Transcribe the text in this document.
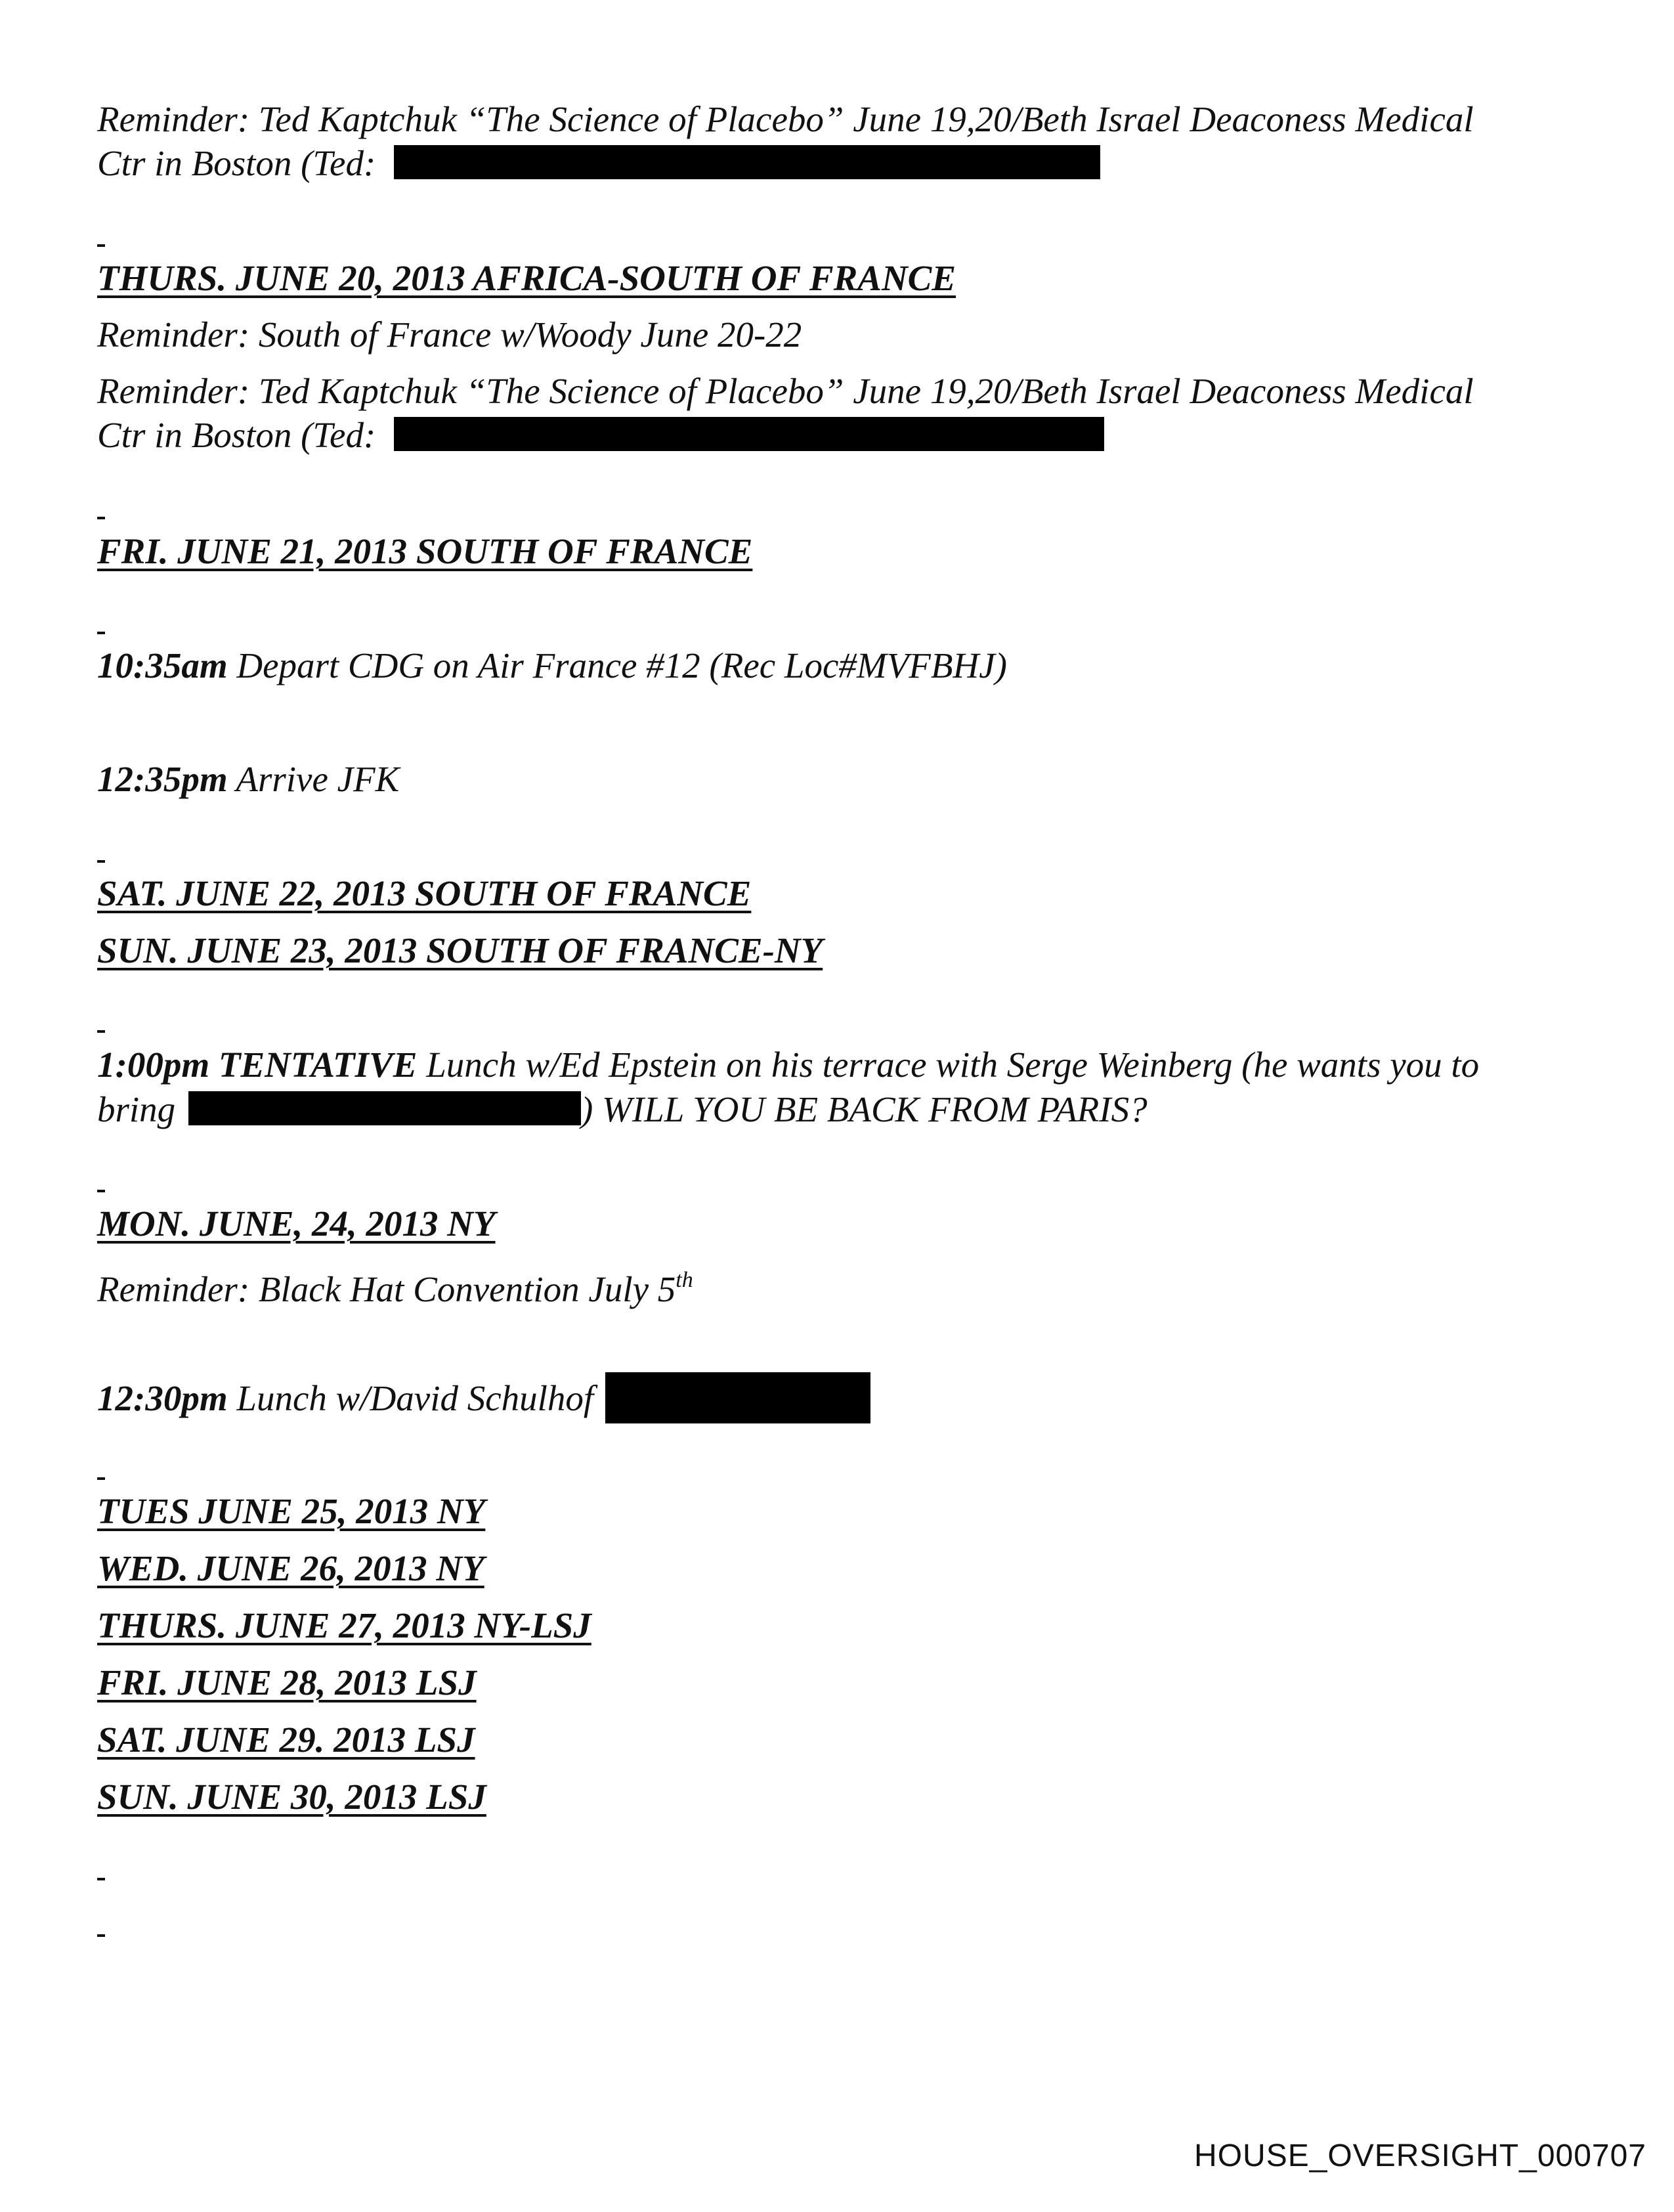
Reminder: Ted Kaptchuk “The Science of Placebo” June 19,20/Beth Israel Deaconess Medical
Ctr in Boston (Ted:
THURS. JUNE 20, 2013 AFRICA-SOUTH OF FRANCE
Reminder: South of France w/Woody June 20-22
Reminder: Ted Kaptchuk “The Science of Placebo” June 19,20/Beth Israel Deaconess Medical
Ctr in Boston (Ted:
FRI. JUNE 21, 2013 SOUTH OF FRANCE
10:35am Depart CDG on Air France #12 (Rec Loc#MVFBHJ)
12:35pm Arrive JFK
SAT. JUNE 22, 2013 SOUTH OF FRANCE
SUN. JUNE 23, 2013 SOUTH OF FRANCE-NY
1:00pm TENTATIVE Lunch w/Ed Epstein on his terrace with Serge Weinberg (he wants you to
bring	) WILL YOU BE BACK FROM PARIS?
MON. JUNE, 24, 2013 NY
Reminder: Black Hat Convention July 5th
12:30pm Lunch w/David Schulhof
TUES JUNE 25, 2013 NY
WED. JUNE 26, 2013 NY
THURS. JUNE 27, 2013 NY-LSJ
FRI. JUNE 28, 2013 LSJ
SAT. JUNE 29. 2013 LSJ
SUN. JUNE 30, 2013 LSJ
HOUSE_OVERSIGHT_000707
